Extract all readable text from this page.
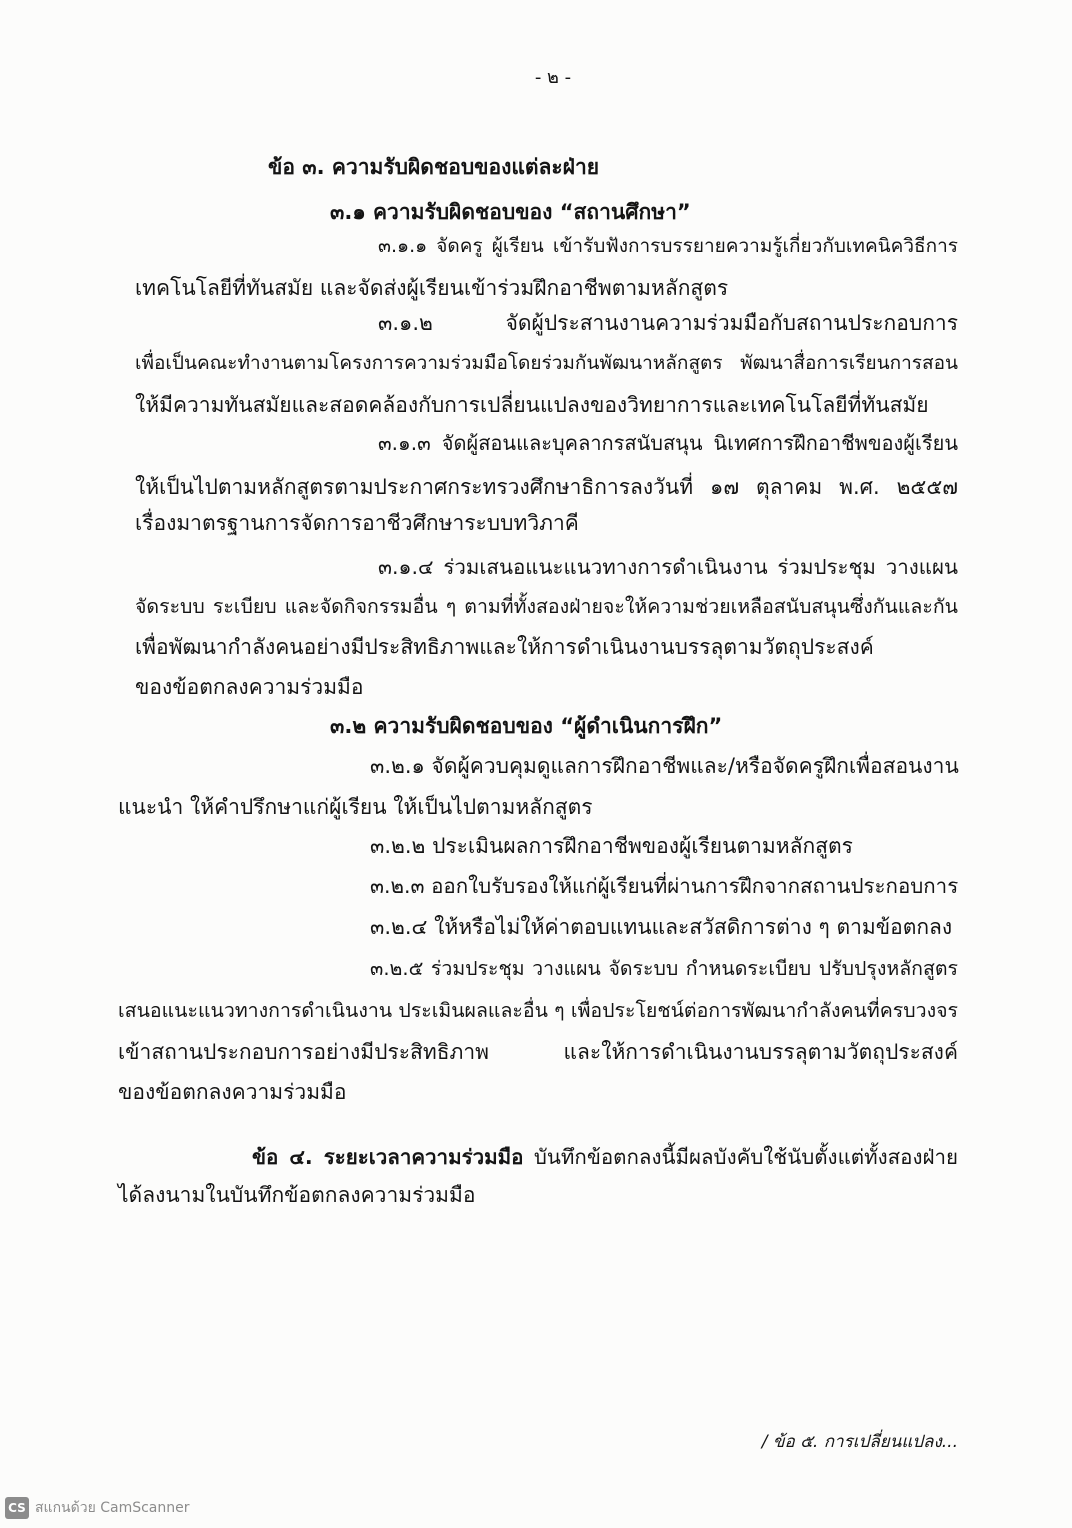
- ๒ -
ข้อ ๓. ความรับผิดชอบของแต่ละฝ่าย
๓.๑ ความรับผิดชอบของ “สถานศึกษา”
๓.๑.๑ จัดครู ผู้เรียน เข้ารับฟังการบรรยายความรู้เกี่ยวกับเทคนิควิธีการ
เทคโนโลยีที่ทันสมัย และจัดส่งผู้เรียนเข้าร่วมฝึกอาชีพตามหลักสูตร
๓.๑.๒ จัดผู้ประสานงานความร่วมมือกับสถานประกอบการ
เพื่อเป็นคณะทำงานตามโครงการความร่วมมือโดยร่วมกันพัฒนาหลักสูตร พัฒนาสื่อการเรียนการสอน
ให้มีความทันสมัยและสอดคล้องกับการเปลี่ยนแปลงของวิทยาการและเทคโนโลยีที่ทันสมัย
๓.๑.๓ จัดผู้สอนและบุคลากรสนับสนุน นิเทศการฝึกอาชีพของผู้เรียน
ให้เป็นไปตามหลักสูตรตามประกาศกระทรวงศึกษาธิการลงวันที่ ๑๗ ตุลาคม พ.ศ. ๒๕๕๗
เรื่องมาตรฐานการจัดการอาชีวศึกษาระบบทวิภาคี
๓.๑.๔ ร่วมเสนอแนะแนวทางการดำเนินงาน ร่วมประชุม วางแผน
จัดระบบ ระเบียบ และจัดกิจกรรมอื่น ๆ ตามที่ทั้งสองฝ่ายจะให้ความช่วยเหลือสนับสนุนซึ่งกันและกัน
เพื่อพัฒนากำลังคนอย่างมีประสิทธิภาพและให้การดำเนินงานบรรลุตามวัตถุประสงค์
ของข้อตกลงความร่วมมือ
๓.๒ ความรับผิดชอบของ “ผู้ดำเนินการฝึก”
๓.๒.๑ จัดผู้ควบคุมดูแลการฝึกอาชีพและ/หรือจัดครูฝึกเพื่อสอนงาน
แนะนำ ให้คำปรึกษาแก่ผู้เรียน ให้เป็นไปตามหลักสูตร
๓.๒.๒ ประเมินผลการฝึกอาชีพของผู้เรียนตามหลักสูตร
๓.๒.๓ ออกใบรับรองให้แก่ผู้เรียนที่ผ่านการฝึกจากสถานประกอบการ
๓.๒.๔ ให้หรือไม่ให้ค่าตอบแทนและสวัสดิการต่าง ๆ ตามข้อตกลง
๓.๒.๕ ร่วมประชุม วางแผน จัดระบบ กำหนดระเบียบ ปรับปรุงหลักสูตร
เสนอแนะแนวทางการดำเนินงาน ประเมินผลและอื่น ๆ เพื่อประโยชน์ต่อการพัฒนากำลังคนที่ครบวงจร
เข้าสถานประกอบการอย่างมีประสิทธิภาพ และให้การดำเนินงานบรรลุตามวัตถุประสงค์
ของข้อตกลงความร่วมมือ
ข้อ ๔. ระยะเวลาความร่วมมือ บันทึกข้อตกลงนี้มีผลบังคับใช้นับตั้งแต่ทั้งสองฝ่าย
ได้ลงนามในบันทึกข้อตกลงความร่วมมือ
/ ข้อ ๕. การเปลี่ยนแปลง...
CS สแกนด้วย CamScanner
